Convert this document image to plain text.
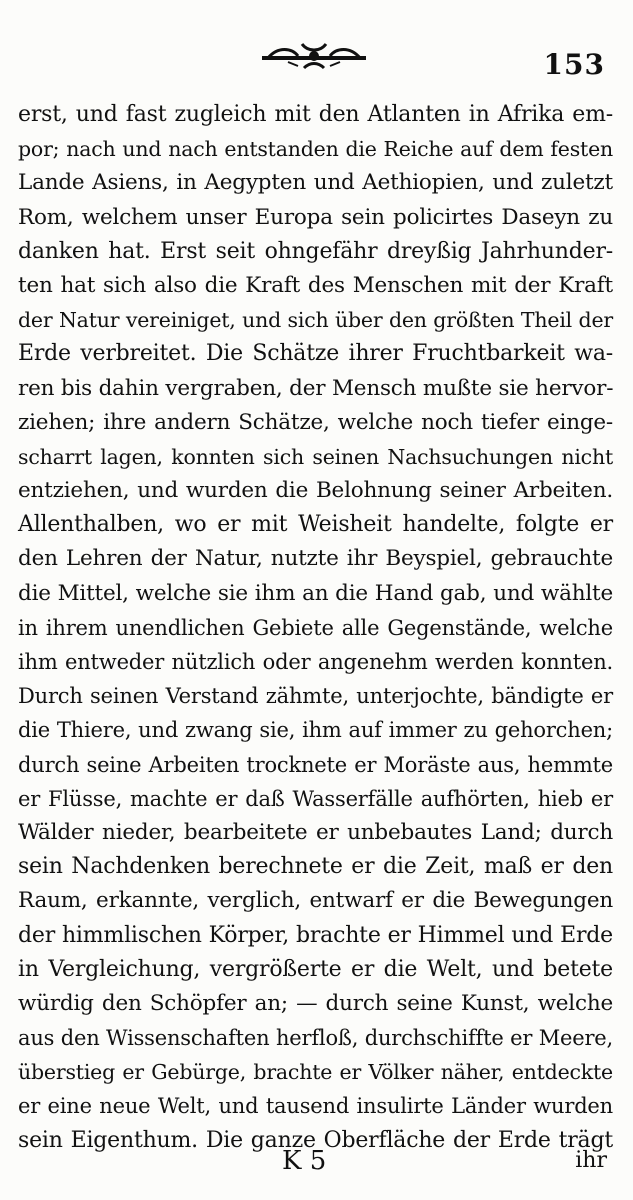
153
erst, und fast zugleich mit den Atlanten in Afrika em-
por; nach und nach entstanden die Reiche auf dem festen
Lande Asiens, in Aegypten und Aethiopien, und zuletzt
Rom, welchem unser Europa sein policirtes Daseyn zu
danken hat. Erst seit ohngefähr dreyßig Jahrhunder-
ten hat sich also die Kraft des Menschen mit der Kraft
der Natur vereiniget, und sich über den größten Theil der
Erde verbreitet. Die Schätze ihrer Fruchtbarkeit wa-
ren bis dahin vergraben, der Mensch mußte sie hervor-
ziehen; ihre andern Schätze, welche noch tiefer einge-
scharrt lagen, konnten sich seinen Nachsuchungen nicht
entziehen, und wurden die Belohnung seiner Arbeiten.
Allenthalben, wo er mit Weisheit handelte, folgte er
den Lehren der Natur, nutzte ihr Beyspiel, gebrauchte
die Mittel, welche sie ihm an die Hand gab, und wählte
in ihrem unendlichen Gebiete alle Gegenstände, welche
ihm entweder nützlich oder angenehm werden konnten.
Durch seinen Verstand zähmte, unterjochte, bändigte er
die Thiere, und zwang sie, ihm auf immer zu gehorchen;
durch seine Arbeiten trocknete er Moräste aus, hemmte
er Flüsse, machte er daß Wasserfälle aufhörten, hieb er
Wälder nieder, bearbeitete er unbebautes Land; durch
sein Nachdenken berechnete er die Zeit, maß er den
Raum, erkannte, verglich, entwarf er die Bewegungen
der himmlischen Körper, brachte er Himmel und Erde
in Vergleichung, vergrößerte er die Welt, und betete
würdig den Schöpfer an; — durch seine Kunst, welche
aus den Wissenschaften herfloß, durchschiffte er Meere,
überstieg er Gebürge, brachte er Völker näher, entdeckte
er eine neue Welt, und tausend insulirte Länder wurden
sein Eigenthum. Die ganze Oberfläche der Erde trägt
K 5	ihr
